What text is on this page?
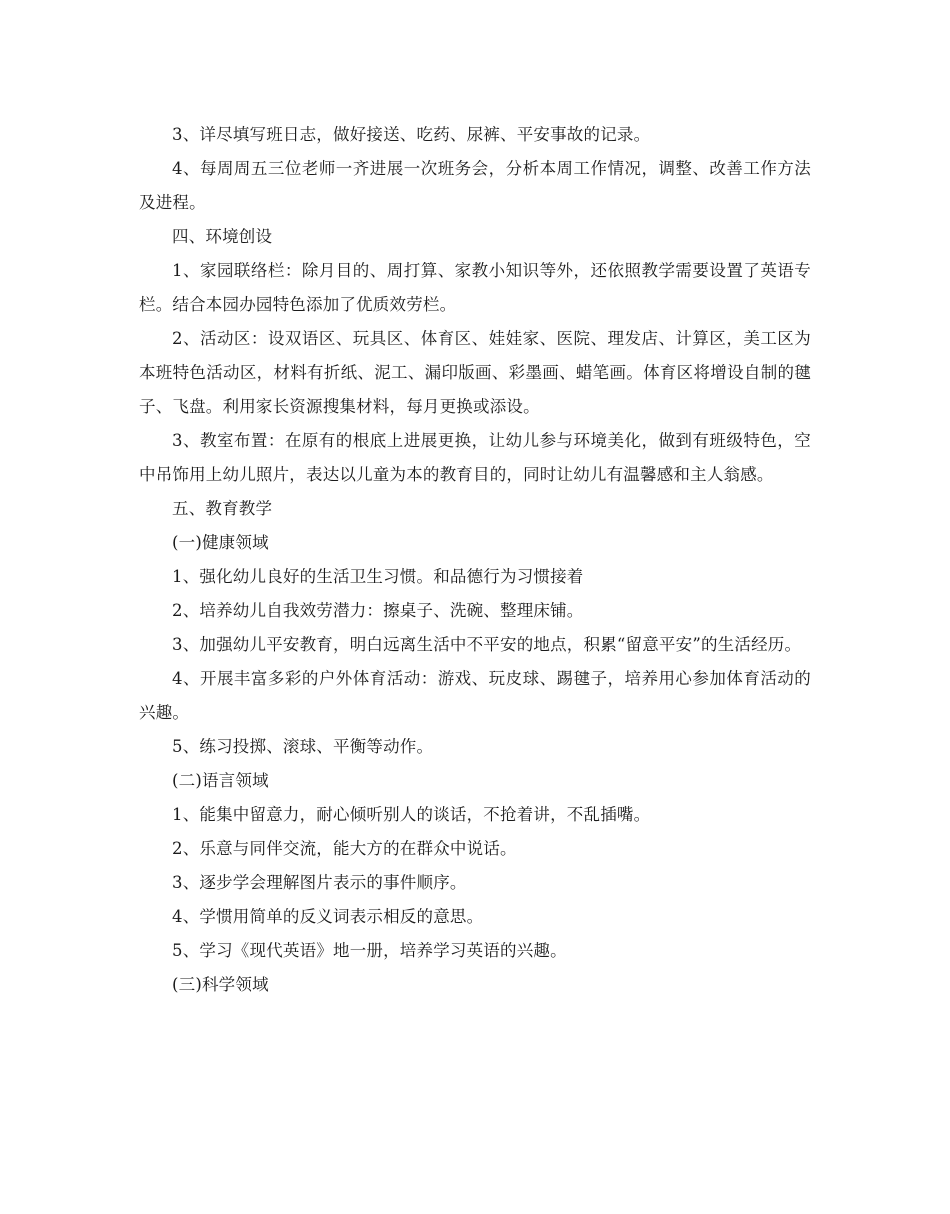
3、详尽填写班日志，做好接送、吃药、尿裤、平安事故的记录。

4、每周周五三位老师一齐进展一次班务会，分析本周工作情况，调整、改善工作方法及进程。

四、环境创设

1、家园联络栏：除月目的、周打算、家教小知识等外，还依照教学需要设置了英语专栏。结合本园办园特色添加了优质效劳栏。

2、活动区：设双语区、玩具区、体育区、娃娃家、医院、理发店、计算区，美工区为本班特色活动区，材料有折纸、泥工、漏印版画、彩墨画、蜡笔画。体育区将增设自制的毽子、飞盘。利用家长资源搜集材料，每月更换或添设。

3、教室布置：在原有的根底上进展更换，让幼儿参与环境美化，做到有班级特色，空中吊饰用上幼儿照片，表达以儿童为本的教育目的，同时让幼儿有温馨感和主人翁感。

五、教育教学

(一)健康领域

1、强化幼儿良好的生活卫生习惯。和品德行为习惯接着

2、培养幼儿自我效劳潜力：擦桌子、洗碗、整理床铺。

3、加强幼儿平安教育，明白远离生活中不平安的地点，积累“留意平安”的生活经历。

4、开展丰富多彩的户外体育活动：游戏、玩皮球、踢毽子，培养用心参加体育活动的兴趣。

5、练习投掷、滚球、平衡等动作。

(二)语言领域

1、能集中留意力，耐心倾听别人的谈话，不抢着讲，不乱插嘴。

2、乐意与同伴交流，能大方的在群众中说话。

3、逐步学会理解图片表示的事件顺序。

4、学惯用简单的反义词表示相反的意思。

5、学习《现代英语》地一册，培养学习英语的兴趣。

(三)科学领域
